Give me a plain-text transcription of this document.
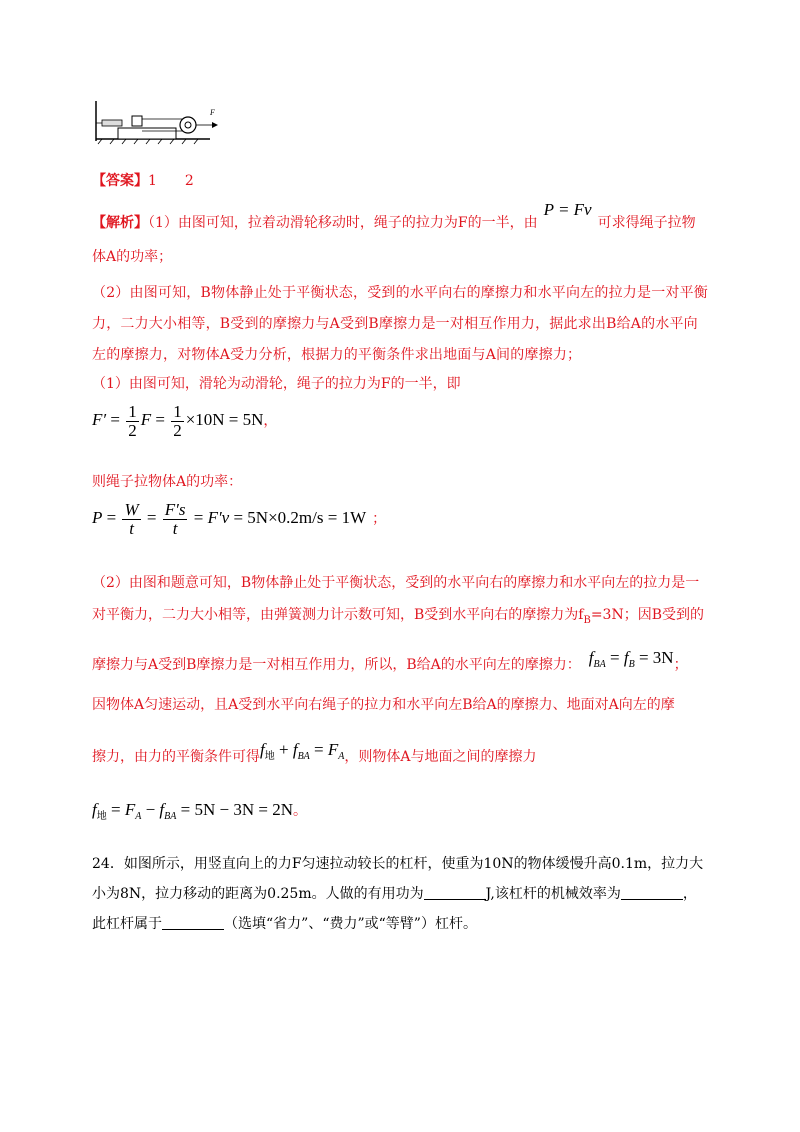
F
【答案】1　　2
【解析】（1）由图可知，拉着动滑轮移动时，绳子的拉力为F的一半，由P = Fv可求得绳子拉物
体A的功率；
（2）由图可知，B物体静止处于平衡状态，受到的水平向右的摩擦力和水平向左的拉力是一对平衡力，二力大小相等，B受到的摩擦力与A受到B摩擦力是一对相互作用力，据此求出B给A的水平向左的摩擦力，对物体A受力分析，根据力的平衡条件求出地面与A间的摩擦力；
（1）由图可知，滑轮为动滑轮，绳子的拉力为F的一半，即
$F' = \frac{1}{2}$ $F = \frac{1}{2} \times 10N = 5N$，
则绳子拉物体A的功率：
$P = \frac{W}{t} = \frac{F's}{t} = F'v = 5N\times 0.2m/s = 1W$ ；
（2）由图和题意可知，B物体静止处于平衡状态，受到的水平向右的摩擦力和水平向左的拉力是一
对平衡力，二力大小相等，由弹簧测力计示数可知，B受到水平向右的摩擦力为$f_B=3N$；因B受到的
摩擦力与A受到B摩擦力是一对相互作用力，所以，B给A的水平向左的摩擦力： $f_{BA} = f_B = 3N$；
因物体A匀速运动，且A受到水平向右绳子的拉力和水平向左B给A的摩擦力、地面对A向左的摩
擦力，由力的平衡条件可得$f_地 + f_{BA} = F_A$，则物体A与地面之间的摩擦力
$f_地 = F_A - f_{BA} = 5N - 3N = 2N$。
24．如图所示，用竖直向上的力F匀速拉动较长的杠杆，使重为10N的物体缓慢升高0.1m，拉力大
小为8N，拉力移动的距离为0.25m。人做的有用功为	J,该杠杆的机械效率为	，
此杠杆属于	（选填“省力”、“费力”或“等臂”）杠杆。
